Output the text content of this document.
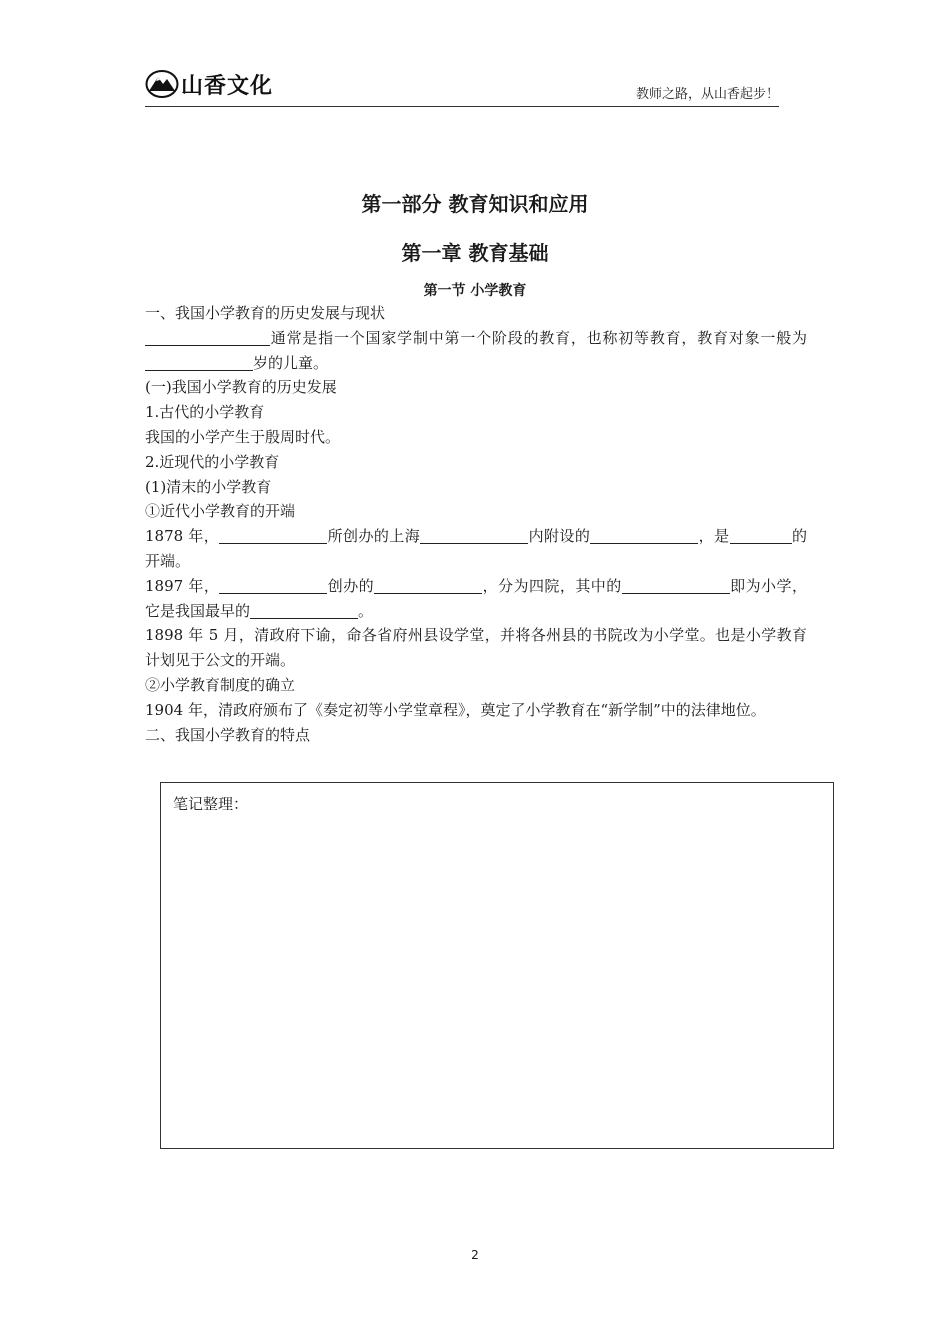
山香文化	教师之路，从山香起步！
第一部分 教育知识和应用
第一章 教育基础
第一节 小学教育

一、我国小学教育的历史发展与现状

通常是指一个国家学制中第一个阶段的教育，也称初等教育，教育对象一般为岁的儿童。

(一)我国小学教育的历史发展

1.古代的小学教育

我国的小学产生于殷周时代。

2.近现代的小学教育

(1)清末的小学教育

①近代小学教育的开端

1878 年，	所创办的上海	内附设的	，是	的开端。

1897 年，	创办的	，分为四院，其中的	即为小学，它是我国最早的	。

1898 年 5 月，清政府下谕，命各省府州县设学堂，并将各州县的书院改为小学堂。也是小学教育计划见于公文的开端。

②小学教育制度的确立

1904 年，清政府颁布了《奏定初等小学堂章程》，奠定了小学教育在“新学制”中的法律地位。

二、我国小学教育的特点

笔记整理：
2
